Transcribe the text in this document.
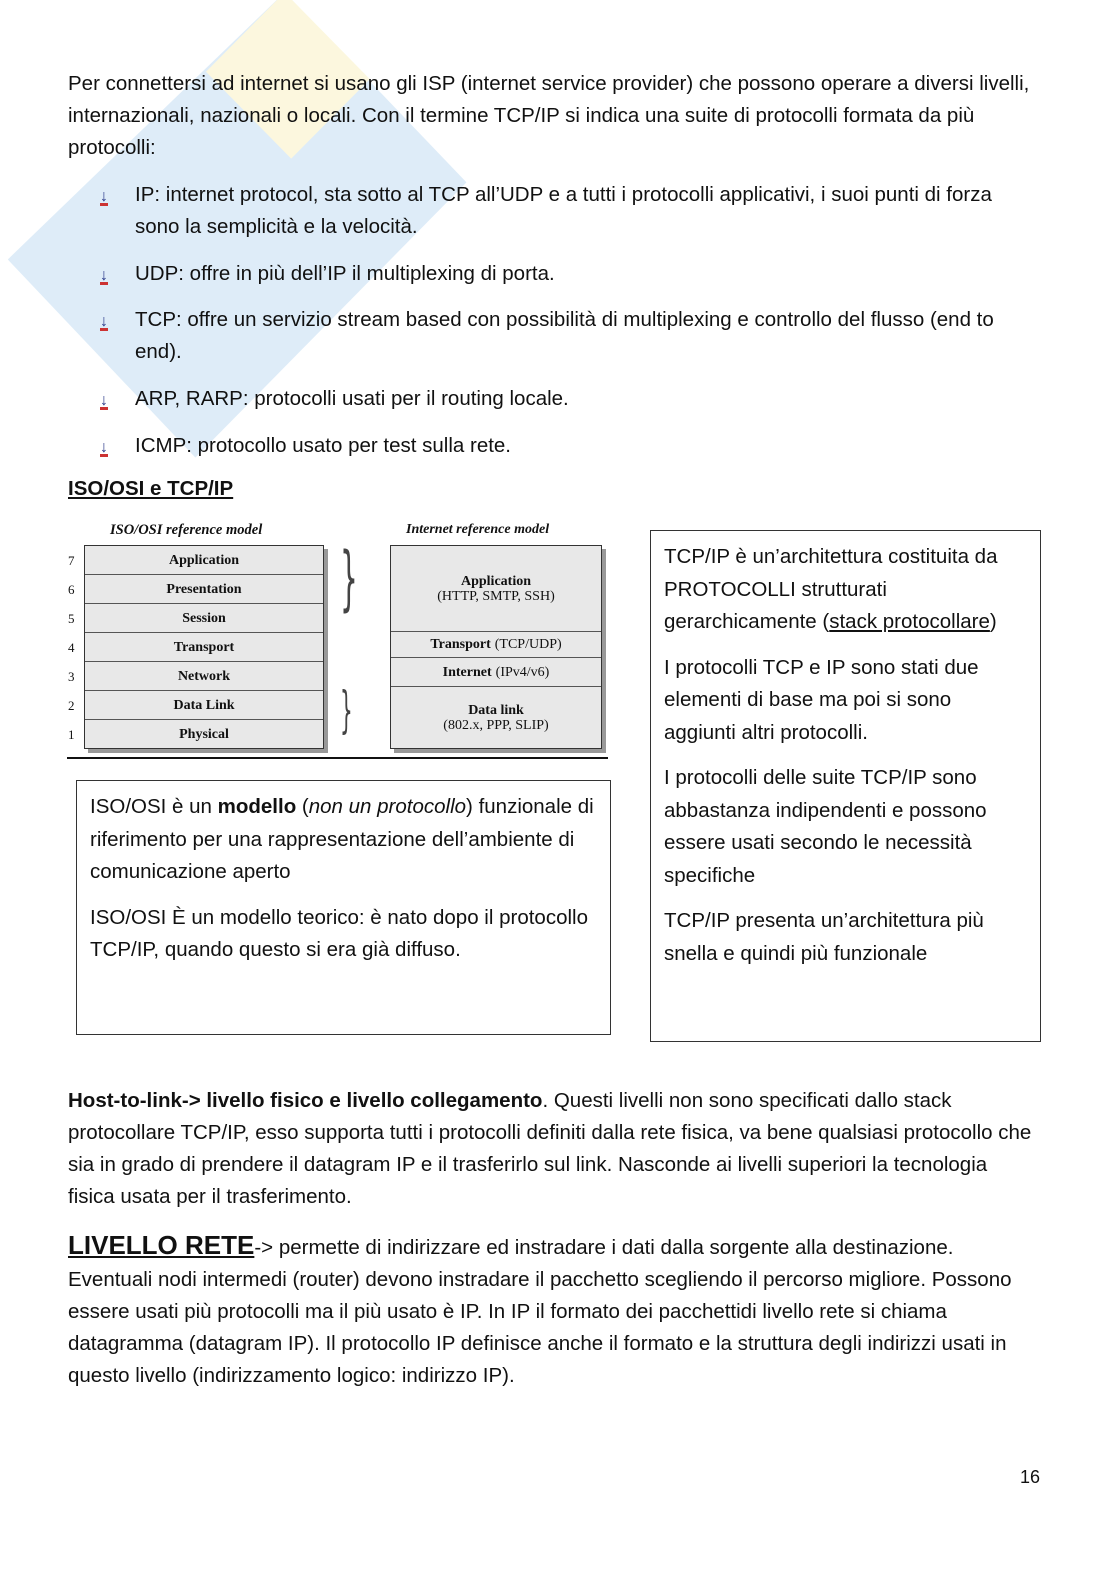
Per connettersi ad internet si usano gli ISP (internet service provider) che possono operare a diversi livelli, internazionali, nazionali o locali. Con il termine TCP/IP si indica una suite di protocolli formata da più protocolli:

↓	IP: internet protocol, sta sotto al TCP all’UDP e a tutti i protocolli applicativi, i suoi punti di forza sono la semplicità e la velocità.
↓	UDP: offre in più dell’IP il multiplexing di porta.
↓	TCP: offre un servizio stream based con possibilità di multiplexing e controllo del flusso (end to end).
↓	ARP, RARP: protocolli usati per il routing locale.
↓	ICMP: protocollo usato per test sulla rete.
ISO/OSI e TCP/IP
ISO/OSI reference model	Internet reference model
Application
Presentation
Session
Transport
Network
Data Link
Physical
}
}
Application
(HTTP, SMTP, SSH)
Transport (TCP/UDP)
Internet (IPv4/v6)
Data link
(802.x, PPP, SLIP)
7
6
5
4
3
2
1

ISO/OSI è un modello (non un protocollo) funzionale di riferimento per una rappresentazione dell’ambiente di comunicazione aperto

ISO/OSI È un modello teorico: è nato dopo il protocollo TCP/IP, quando questo si era già diffuso.

TCP/IP è un’architettura costituita da PROTOCOLLI strutturati gerarchicamente (stack protocollare)

I protocolli TCP e IP sono stati due elementi di base ma poi si sono aggiunti altri protocolli.

I protocolli delle suite TCP/IP sono abbastanza indipendenti e possono essere usati secondo le necessità specifiche

TCP/IP presenta un’architettura più snella e quindi più funzionale

Host-to-link-> livello fisico e livello collegamento. Questi livelli non sono specificati dallo stack protocollare TCP/IP, esso supporta tutti i protocolli definiti dalla rete fisica, va bene qualsiasi protocollo che sia in grado di prendere il datagram IP e il trasferirlo sul link. Nasconde ai livelli superiori la tecnologia fisica usata per il trasferimento.

LIVELLO RETE-> permette di indirizzare ed instradare i dati dalla sorgente alla destinazione. Eventuali nodi intermedi (router) devono instradare il pacchetto scegliendo il percorso migliore. Possono essere usati più protocolli ma il più usato è IP. In IP il formato dei pacchettidi livello rete si chiama datagramma (datagram IP). Il protocollo IP definisce anche il formato e la struttura degli indirizzi usati in questo livello (indirizzamento logico: indirizzo IP).

16
